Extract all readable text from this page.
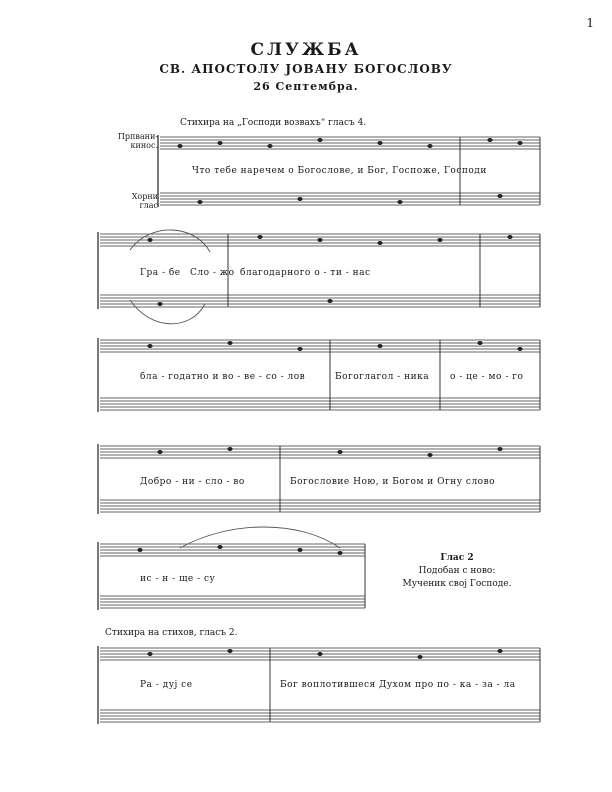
1
СЛУЖБА
СВ. АПОСТОЛУ ЈОВАНУ БОГОСЛОВУ
26 Септембра.
Стихира на „Господи возвахъ“ гласъ 4.
Прпвани-
кинос.
Хорни
глас
Что тебе наречем о Богослове, и Бог, Госпоже, Господи
Гра - бе Сло - жо благодарного о - ти - нас
бла - годатно и во - ве - со - лов	Богоглагол - ника о - це - мо - го
Добро - ни - сло - во	Богословие Ною, и Богом и Огну слово
ис - н - ще - су
Глас 2
Подобан с ново:
Мученик свој Господе.
Стихира на стихов, гласъ 2.
Ра - дуј се	Бог воплотившеся Духом про по - ка - за - ла
